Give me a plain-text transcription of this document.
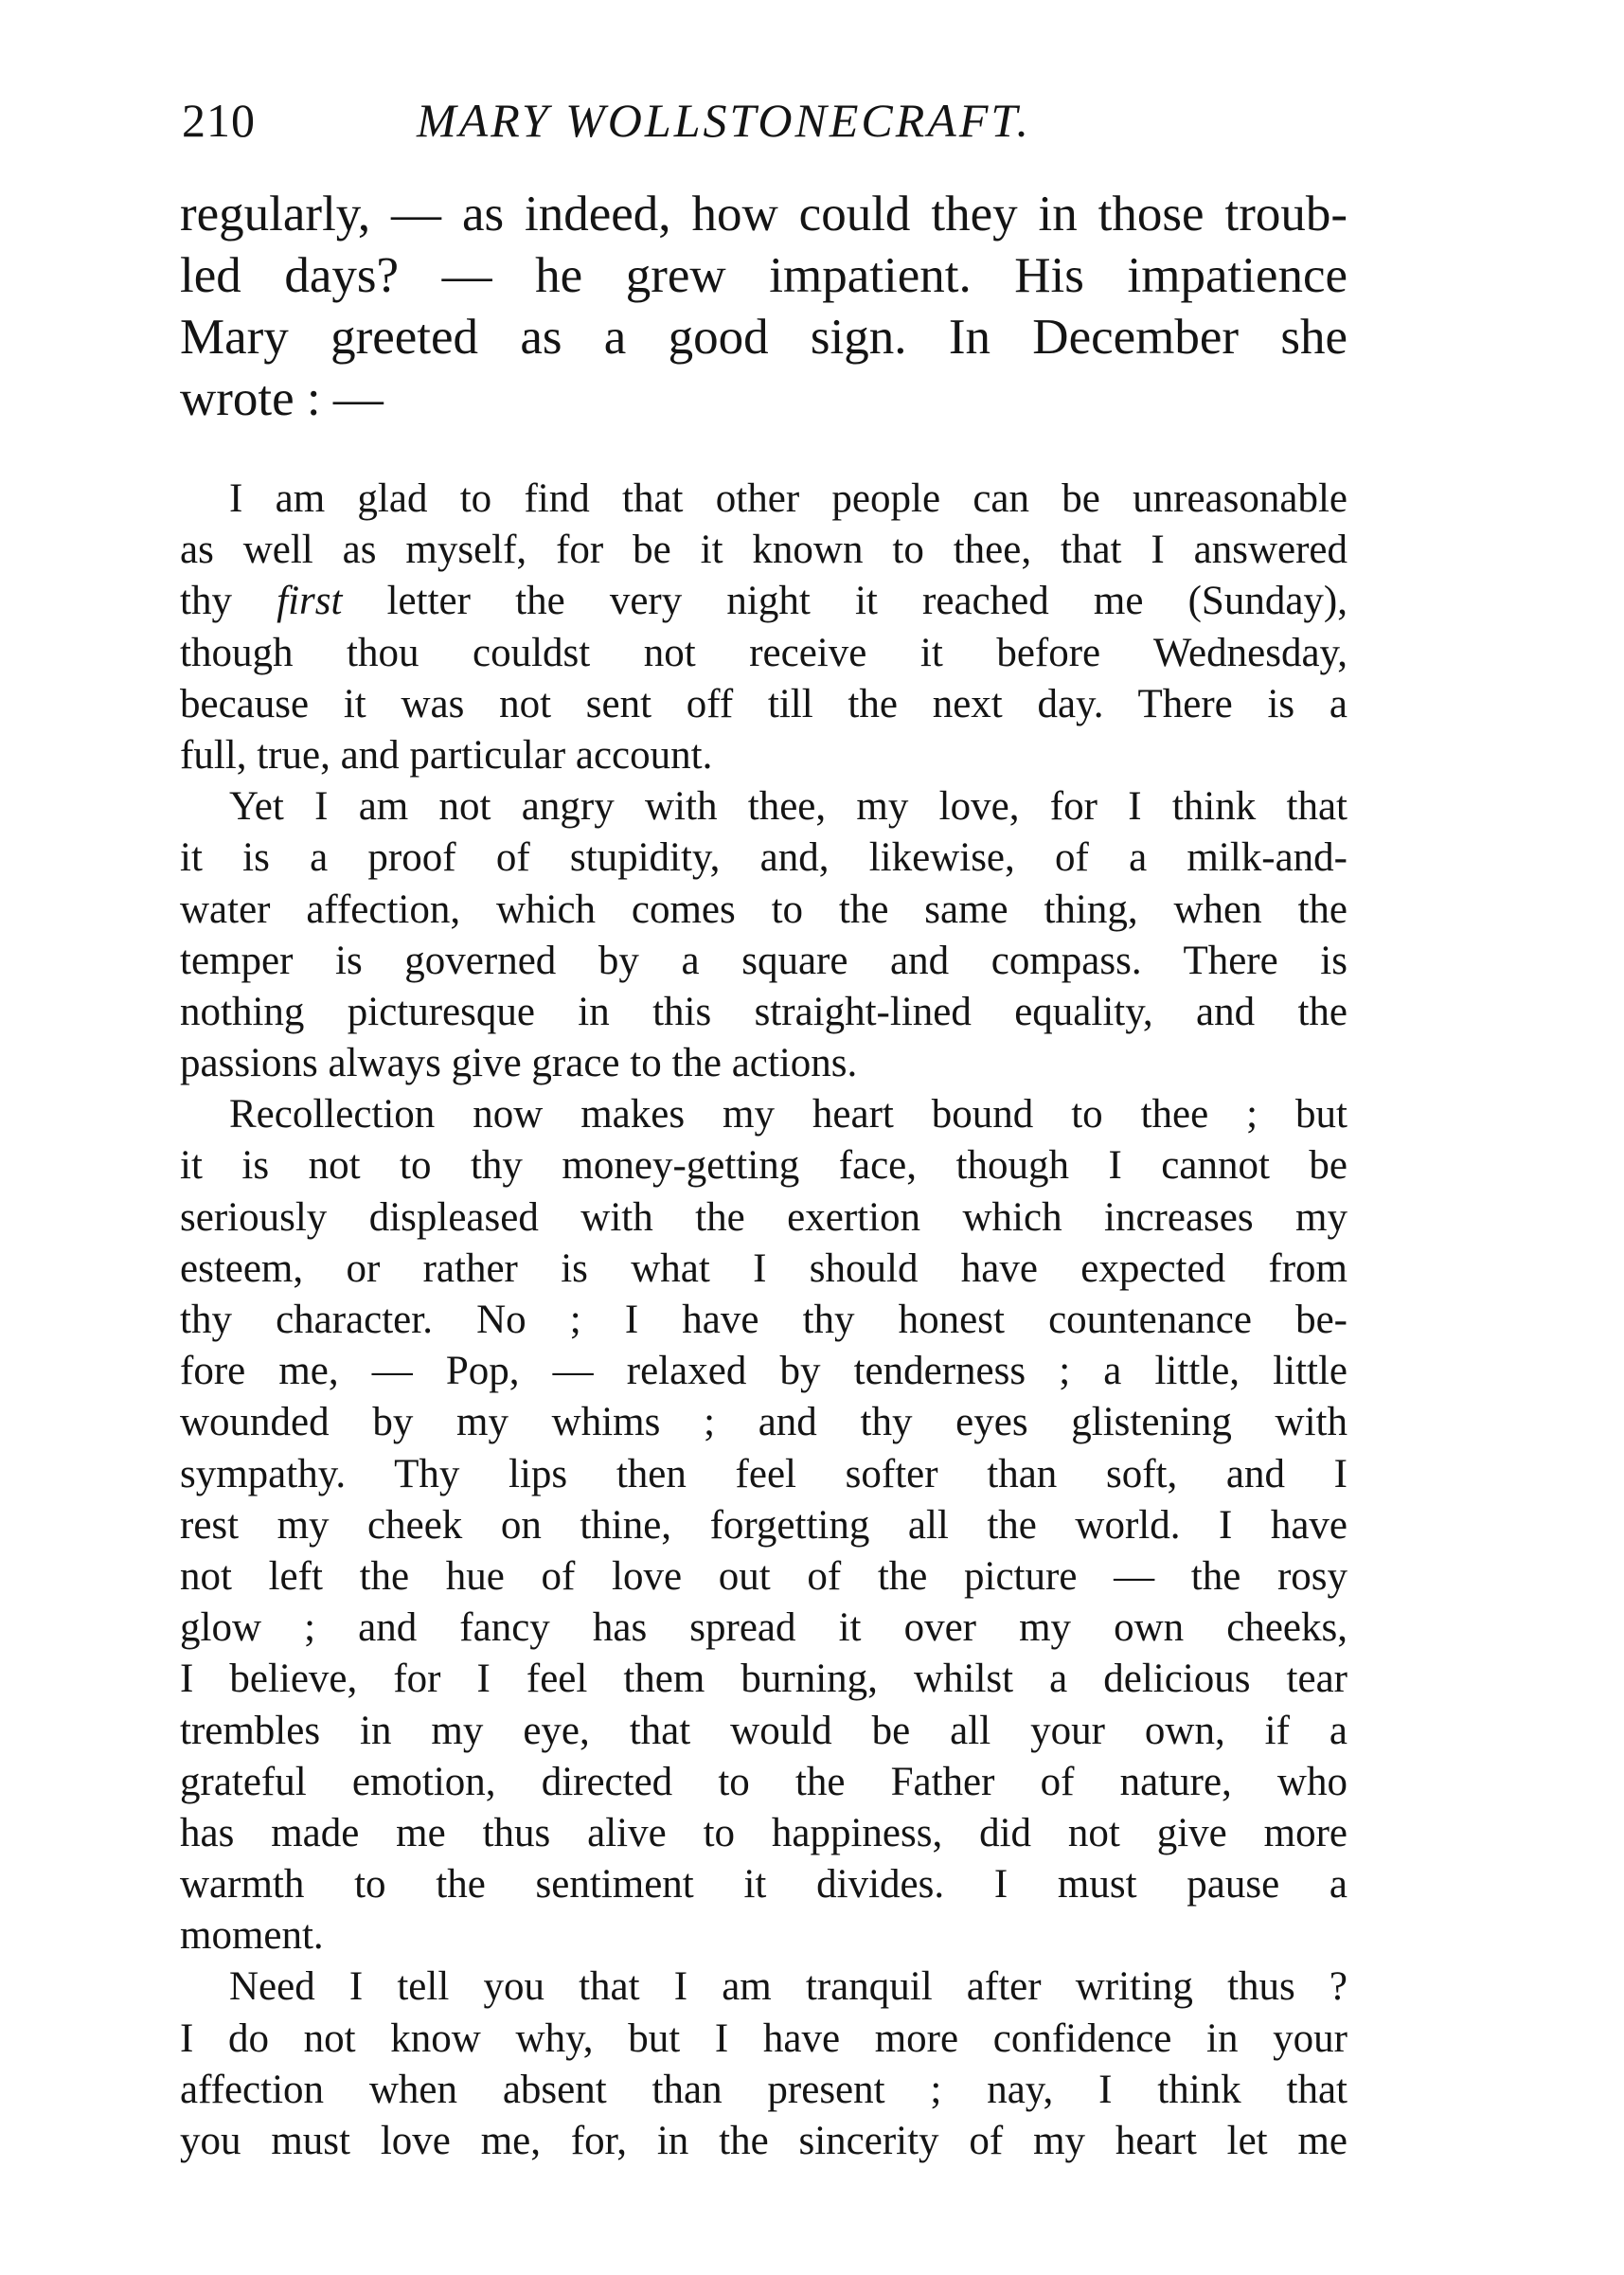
210	MARY WOLLSTONECRAFT.
regularly, — as indeed, how could they in those troub-
led days? — he grew impatient. His impatience
Mary greeted as a good sign. In December she
wrote : —
I am glad to find that other people can be unreasonable
as well as myself, for be it known to thee, that I answered
thy first letter the very night it reached me (Sunday),
though thou couldst not receive it before Wednesday,
because it was not sent off till the next day. There is a
full, true, and particular account.
Yet I am not angry with thee, my love, for I think that
it is a proof of stupidity, and, likewise, of a milk-and-
water affection, which comes to the same thing, when the
temper is governed by a square and compass. There is
nothing picturesque in this straight-lined equality, and the
passions always give grace to the actions.
Recollection now makes my heart bound to thee ; but
it is not to thy money-getting face, though I cannot be
seriously displeased with the exertion which increases my
esteem, or rather is what I should have expected from
thy character. No ; I have thy honest countenance be-
fore me, — Pop, — relaxed by tenderness ; a little, little
wounded by my whims ; and thy eyes glistening with
sympathy. Thy lips then feel softer than soft, and I
rest my cheek on thine, forgetting all the world. I have
not left the hue of love out of the picture — the rosy
glow ; and fancy has spread it over my own cheeks,
I believe, for I feel them burning, whilst a delicious tear
trembles in my eye, that would be all your own, if a
grateful emotion, directed to the Father of nature, who
has made me thus alive to happiness, did not give more
warmth to the sentiment it divides. I must pause a
moment.
Need I tell you that I am tranquil after writing thus ?
I do not know why, but I have more confidence in your
affection when absent than present ; nay, I think that
you must love me, for, in the sincerity of my heart let me
